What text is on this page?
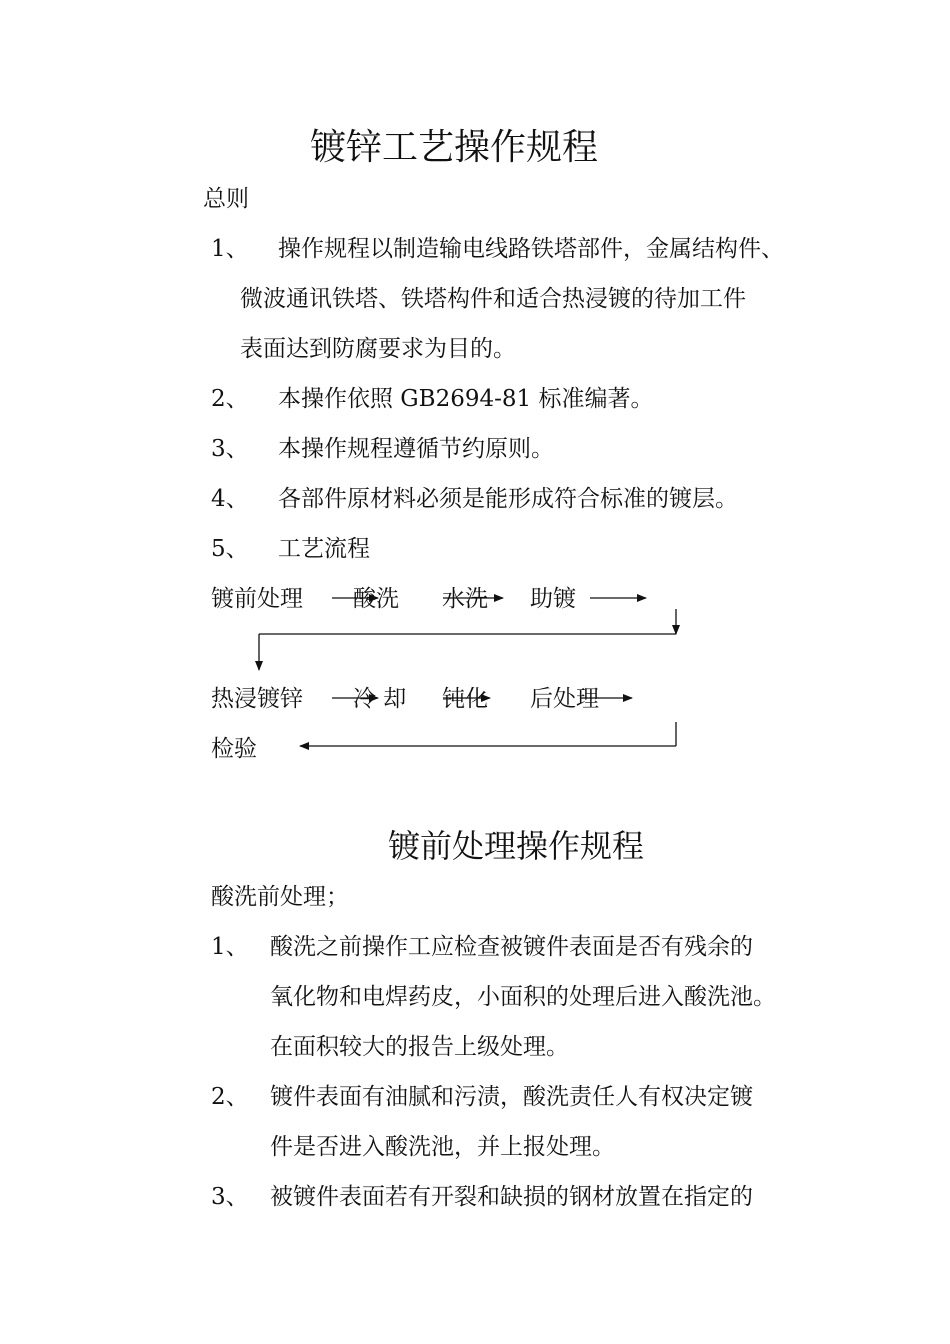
镀锌工艺操作规程
总则
1、 操作规程以制造输电线路铁塔部件，金属结构件、
微波通讯铁塔、铁塔构件和适合热浸镀的待加工件
表面达到防腐要求为目的。
2、 本操作依照 GB2694-81 标准编著。
3、 本操作规程遵循节约原则。
4、 各部件原材料必须是能形成符合标准的镀层。
5、 工艺流程
镀前处理 酸洗 水洗 助镀
热浸镀锌 冷 却 钝化 后处理
检验
镀前处理操作规程
酸洗前处理；
1、 酸洗之前操作工应检查被镀件表面是否有残余的
氧化物和电焊药皮，小面积的处理后进入酸洗池。
在面积较大的报告上级处理。
2、 镀件表面有油腻和污渍，酸洗责任人有权决定镀
件是否进入酸洗池，并上报处理。
3、 被镀件表面若有开裂和缺损的钢材放置在指定的
